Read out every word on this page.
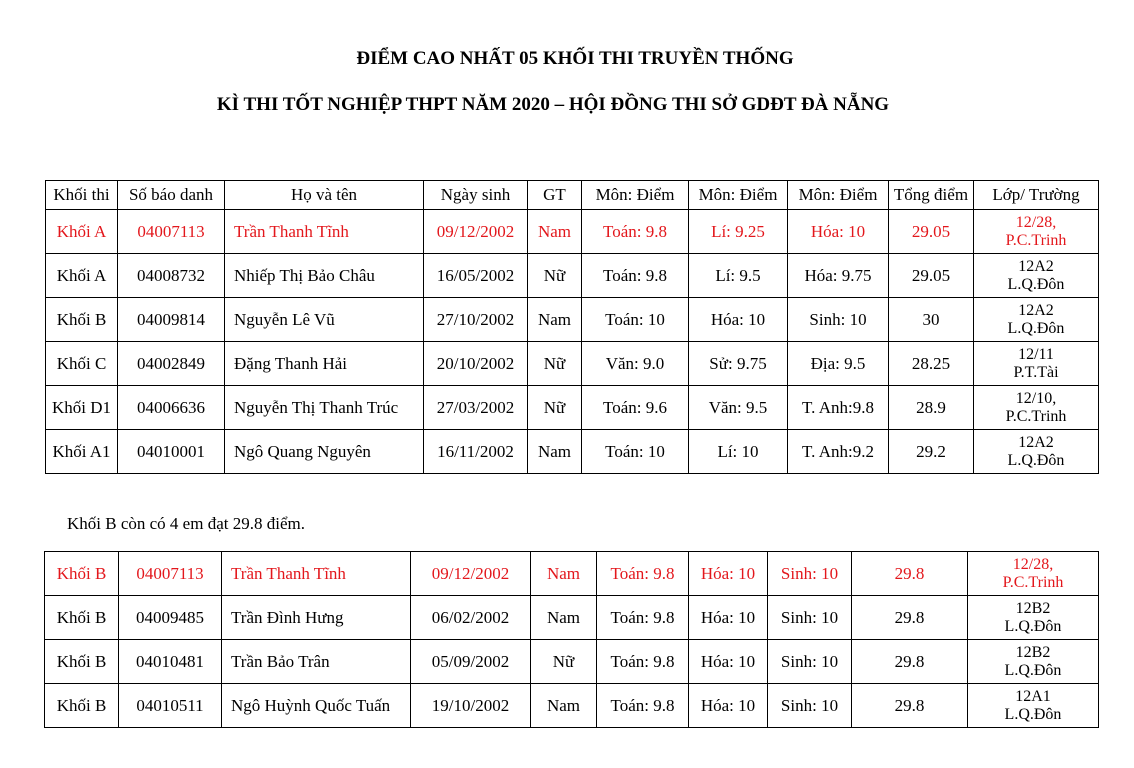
ĐIỂM CAO NHẤT 05 KHỐI THI TRUYỀN THỐNG
KÌ THI TỐT NGHIỆP THPT NĂM 2020 – HỘI ĐỒNG THI SỞ GDĐT ĐÀ NẴNG
Khối thi	Số báo danh	Họ và tên	Ngày sinh	GT	Môn: Điểm	Môn: Điểm	Môn: Điểm	Tổng điểm	Lớp/ Trường
Khối A	04007113	Trần Thanh Tĩnh	09/12/2002	Nam	Toán: 9.8	Lí: 9.25	Hóa: 10	29.05	12/28,
P.C.Trinh

Khối A	04008732	Nhiếp Thị Bảo Châu	16/05/2002	Nữ	Toán: 9.8	Lí: 9.5	Hóa: 9.75	29.05	12A2
L.Q.Đôn

Khối B	04009814	Nguyễn Lê Vũ	27/10/2002	Nam	Toán: 10	Hóa: 10	Sinh: 10	30	12A2
L.Q.Đôn

Khối C	04002849	Đặng Thanh Hải	20/10/2002	Nữ	Văn: 9.0	Sử: 9.75	Địa: 9.5	28.25	12/11
P.T.Tài

Khối D1	04006636	Nguyễn Thị Thanh Trúc	27/03/2002	Nữ	Toán: 9.6	Văn: 9.5	T. Anh:9.8	28.9	12/10,
P.C.Trinh

Khối A1	04010001	Ngô Quang Nguyên	16/11/2002	Nam	Toán: 10	Lí: 10	T. Anh:9.2	29.2	12A2
L.Q.Đôn
Khối B còn có 4 em đạt 29.8 điểm.
Khối B	04007113	Trần Thanh Tĩnh	09/12/2002	Nam	Toán: 9.8	Hóa: 10	Sinh: 10	29.8	12/28,
P.C.Trinh

Khối B	04009485	Trần Đình Hưng	06/02/2002	Nam	Toán: 9.8	Hóa: 10	Sinh: 10	29.8	12B2
L.Q.Đôn

Khối B	04010481	Trần Bảo Trân	05/09/2002	Nữ	Toán: 9.8	Hóa: 10	Sinh: 10	29.8	12B2
L.Q.Đôn

Khối B	04010511	Ngô Huỳnh Quốc Tuấn	19/10/2002	Nam	Toán: 9.8	Hóa: 10	Sinh: 10	29.8	12A1
L.Q.Đôn
